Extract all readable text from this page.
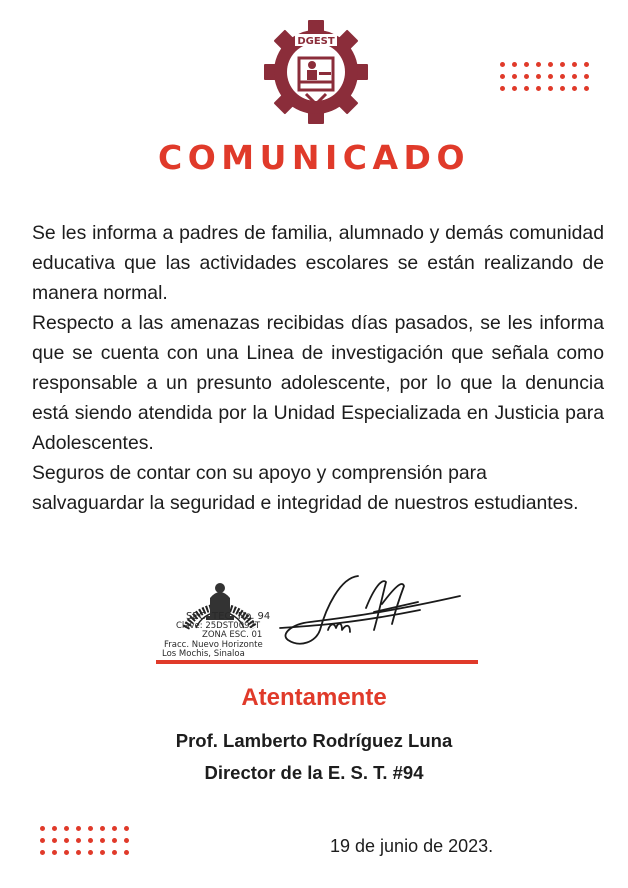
DGEST
COMUNICADO

Se les informa a padres de familia, alumnado y demás comunidad educativa que las actividades escolares se están realizando de manera normal.

Respecto a las amenazas recibidas días pasados, se les informa que se cuenta con una Linea de investigación que señala como responsable a un presunto adolescente, por lo que la denuncia está siendo atendida por la Unidad Especializada en Justicia para Adolescentes.

Seguros de contar con su apoyo y comprensión para salvaguardar la seguridad e integridad de nuestros estudiantes.

SEC. TEC. No. 94
Clave: 25DST0097T
ZONA ESC. 01
Fracc. Nuevo Horizonte
Los Mochis, Sinaloa
Atentamente
Prof. Lamberto Rodríguez Luna
Director de la E. S. T. #94
19 de junio de 2023.
